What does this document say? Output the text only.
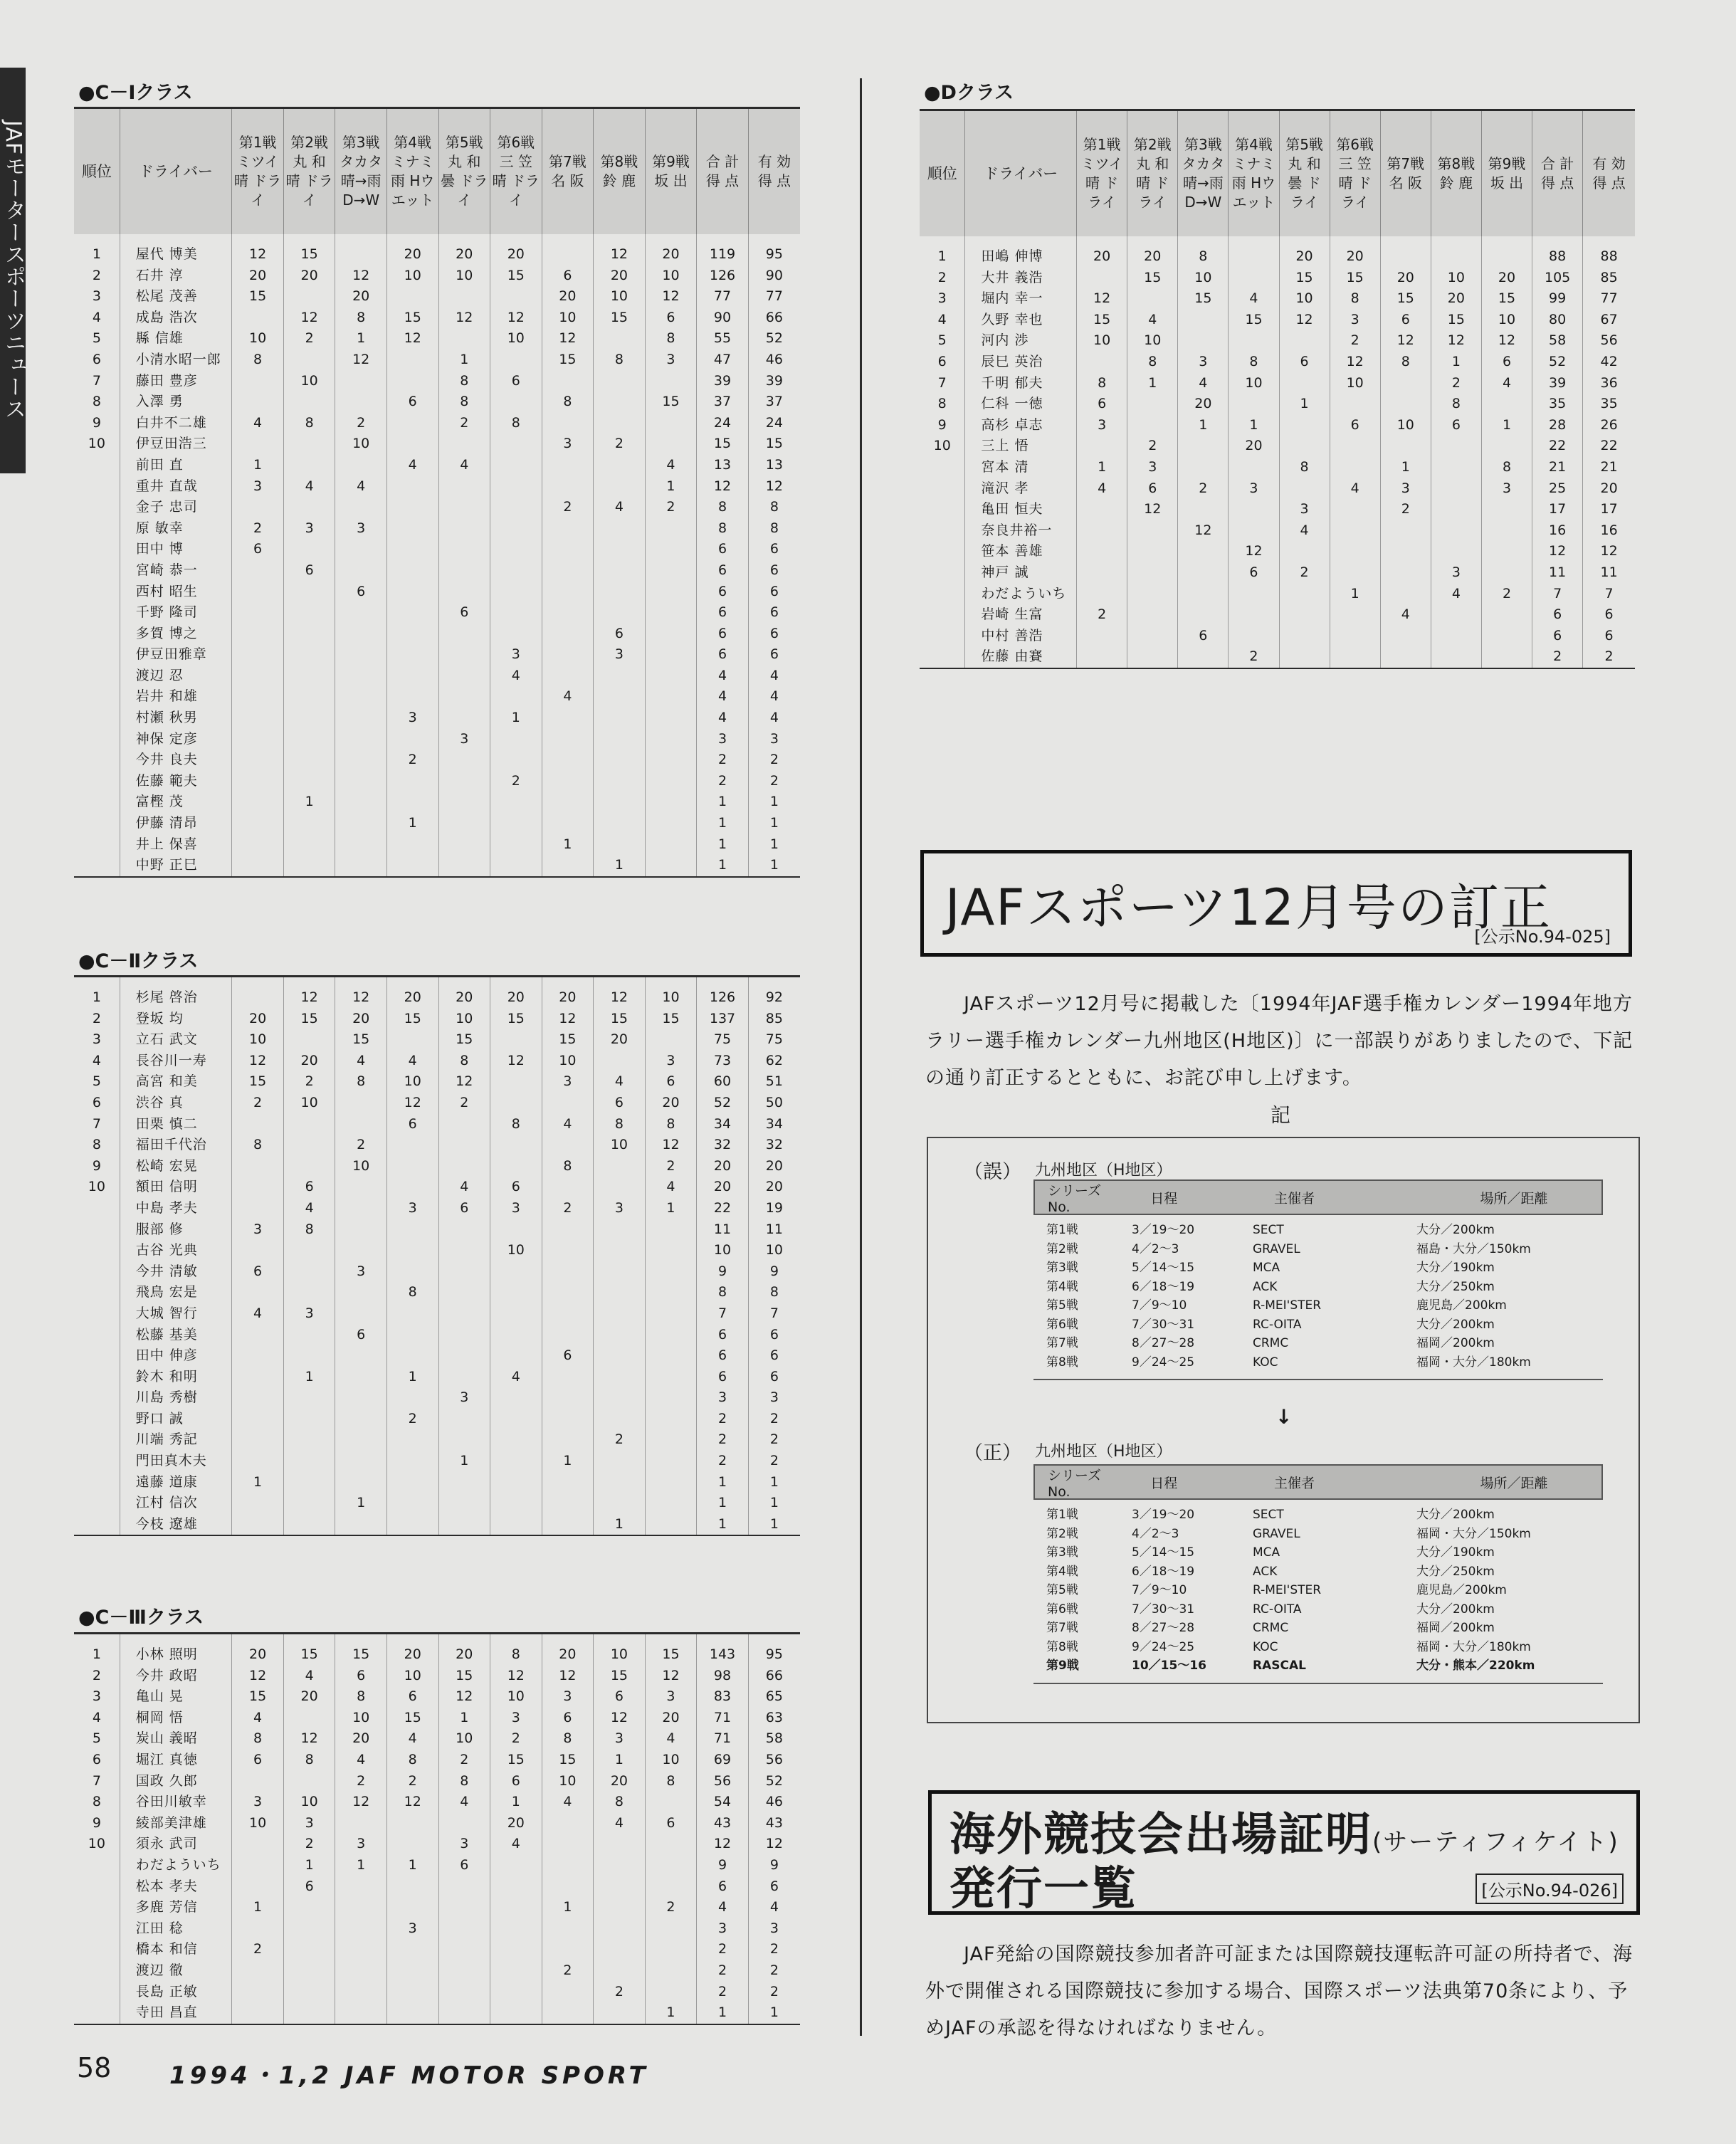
JAFモータースポーツニュース
●C－Ⅰクラス
順位	ドライバー	第1戦 ミツイ 晴 ドライ	第2戦 丸 和 晴 ドライ	第3戦 タカタ 晴→雨 D→W	第4戦 ミナミ 雨 Hウエット	第5戦 丸 和 曇 ドライ	第6戦 三 笠 晴 ドライ	第7戦 名 阪	第8戦 鈴 鹿	第9戦 坂 出	合 計 得 点	有 効 得 点
1	屋代 博美	12	15		20	20	20		12	20	119	95
2	石井 淳	20	20	12	10	10	15	6	20	10	126	90
3	松尾 茂善	15		20				20	10	12	77	77
4	成島 浩次		12	8	15	12	12	10	15	6	90	66
5	縣 信雄	10	2	1	12		10	12		8	55	52
6	小清水昭一郎	8		12		1		15	8	3	47	46
7	藤田 豊彦		10			8	6				39	39
8	入澤 勇				6	8		8		15	37	37
9	白井不二雄	4	8	2		2	8				24	24
10	伊豆田浩三			10				3	2		15	15
	前田 直	1			4	4				4	13	13
	重井 直哉	3	4	4						1	12	12
	金子 忠司							2	4	2	8	8
	原 敏幸	2	3	3							8	8
	田中 博	6									6	6
	宮崎 恭一		6								6	6
	西村 昭生			6							6	6
	千野 隆司					6					6	6
	多賀 博之								6		6	6
	伊豆田雅章						3		3		6	6
	渡辺 忍						4				4	4
	岩井 和雄							4			4	4
	村瀬 秋男				3		1				4	4
	神保 定彦					3					3	3
	今井 良夫				2						2	2
	佐藤 範夫						2				2	2
	富樫 茂		1								1	1
	伊藤 清昂				1						1	1
	井上 保喜							1			1	1
	中野 正巳								1		1	1
●C－Ⅱクラス
1	杉尾 啓治		12	12	20	20	20	20	12	10	126	92
2	登坂 均	20	15	20	15	10	15	12	15	15	137	85
3	立石 武文	10		15		15		15	20		75	75
4	長谷川一寿	12	20	4	4	8	12	10		3	73	62
5	高宮 和美	15	2	8	10	12		3	4	6	60	51
6	渋谷 真	2	10		12	2			6	20	52	50
7	田栗 慎二				6		8	4	8	8	34	34
8	福田千代治	8		2					10	12	32	32
9	松崎 宏晃			10				8		2	20	20
10	額田 信明		6			4	6			4	20	20
	中島 孝夫		4		3	6	3	2	3	1	22	19
	服部 修	3	8								11	11
	古谷 光典						10				10	10
	今井 清敏	6		3							9	9
	飛鳥 宏是				8						8	8
	大城 智行	4	3								7	7
	松藤 基美			6							6	6
	田中 伸彦							6			6	6
	鈴木 和明		1		1		4				6	6
	川島 秀樹					3					3	3
	野口 誠				2						2	2
	川端 秀記								2		2	2
	門田真木夫					1		1			2	2
	遠藤 道康	1									1	1
	江村 信次			1							1	1
	今枝 遼雄								1		1	1
●C－Ⅲクラス
1	小林 照明	20	15	15	20	20	8	20	10	15	143	95
2	今井 政昭	12	4	6	10	15	12	12	15	12	98	66
3	亀山 晃	15	20	8	6	12	10	3	6	3	83	65
4	桐岡 悟	4		10	15	1	3	6	12	20	71	63
5	炭山 義昭	8	12	20	4	10	2	8	3	4	71	58
6	堀江 真徳	6	8	4	8	2	15	15	1	10	69	56
7	国政 久郎			2	2	8	6	10	20	8	56	52
8	谷田川敏幸	3	10	12	12	4	1	4	8		54	46
9	綾部美津雄	10	3				20		4	6	43	43
10	須永 武司		2	3		3	4				12	12
	わだよういち		1	1	1	6					9	9
	松本 孝夫		6								6	6
	多鹿 芳信	1						1		2	4	4
	江田 稔				3						3	3
	橋本 和信	2									2	2
	渡辺 徹							2			2	2
	長島 正敏								2		2	2
	寺田 昌直									1	1	1
●Dクラス
順位	ドライバー	第1戦 ミツイ 晴 ドライ	第2戦 丸 和 晴 ドライ	第3戦 タカタ 晴→雨 D→W	第4戦 ミナミ 雨 Hウエット	第5戦 丸 和 曇 ドライ	第6戦 三 笠 晴 ドライ	第7戦 名 阪	第8戦 鈴 鹿	第9戦 坂 出	合 計 得 点	有 効 得 点
1	田嶋 伸博	20	20	8		20	20				88	88
2	大井 義浩		15	10		15	15	20	10	20	105	85
3	堀内 幸一	12		15	4	10	8	15	20	15	99	77
4	久野 幸也	15	4		15	12	3	6	15	10	80	67
5	河内 渉	10	10				2	12	12	12	58	56
6	辰巳 英治		8	3	8	6	12	8	1	6	52	42
7	千明 郁夫	8	1	4	10		10		2	4	39	36
8	仁科 一徳	6		20		1			8		35	35
9	高杉 卓志	3		1	1		6	10	6	1	28	26
10	三上 悟		2		20						22	22
	宮本 清	1	3			8		1		8	21	21
	滝沢 孝	4	6	2	3		4	3		3	25	20
	亀田 恒夫		12			3		2			17	17
	奈良井裕一			12		4					16	16
	笹本 善雄				12						12	12
	神戸 誠				6	2			3		11	11
	わだよういち						1		4	2	7	7
	岩崎 生富	2						4			6	6
	中村 善浩			6							6	6
	佐藤 由賽				2						2	2
JAFスポーツ12月号の訂正
[公示No.94-025]
JAFスポーツ12月号に掲載した〔1994年JAF選手権カレンダー1994年地方ラリー選手権カレンダー九州地区(H地区)〕に一部誤りがありましたので、下記の通り訂正するとともに、お詫び申し上げます。
記
（誤） 九州地区（H地区）
シリーズNo.
日程	主催者	場所／距離
第1戦	3／19〜20	SECT	大分／200km
第2戦	4／2〜3	GRAVEL	福島・大分／150km
第3戦	5／14〜15	MCA	大分／190km
第4戦	6／18〜19	ACK	大分／250km
第5戦	7／9〜10	R-MEI'STER	鹿児島／200km
第6戦	7／30〜31	RC-OITA	大分／200km
第7戦	8／27〜28	CRMC	福岡／200km
第8戦	9／24〜25	KOC	福岡・大分／180km
↓
（正） 九州地区（H地区）
シリーズNo.
日程	主催者	場所／距離
第1戦	3／19〜20	SECT	大分／200km
第2戦	4／2〜3	GRAVEL	福岡・大分／150km
第3戦	5／14〜15	MCA	大分／190km
第4戦	6／18〜19	ACK	大分／250km
第5戦	7／9〜10	R-MEI'STER	鹿児島／200km
第6戦	7／30〜31	RC-OITA	大分／200km
第7戦	8／27〜28	CRMC	福岡／200km
第8戦	9／24〜25	KOC	福岡・大分／180km
第9戦	10／15〜16	RASCAL	大分・熊本／220km
海外競技会出場証明(サーティフィケイト)
発行一覧	[公示No.94-026]
JAF発給の国際競技参加者許可証または国際競技運転許可証の所持者で、海外で開催される国際競技に参加する場合、国際スポーツ法典第70条により、予めJAFの承認を得なければなりません。
58 1994・1,2 JAF MOTOR SPORT
